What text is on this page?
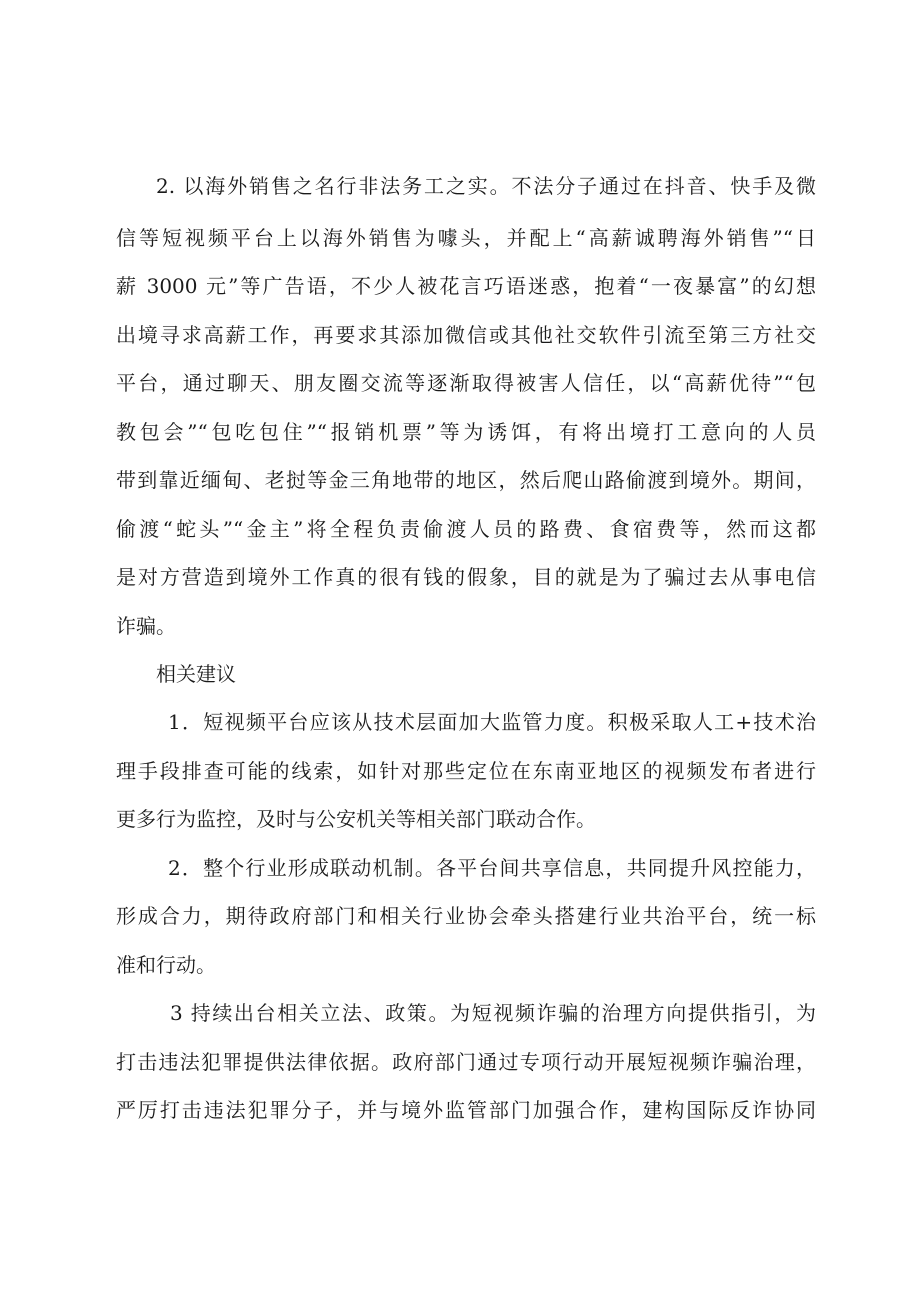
2. 以海外销售之名行非法务工之实。不法分子通过在抖音、快手及微
信等短视频平台上以海外销售为噱头，并配上“高薪诚聘海外销售”“日
薪 3000 元”等广告语，不少人被花言巧语迷惑，抱着“一夜暴富”的幻想
出境寻求高薪工作，再要求其添加微信或其他社交软件引流至第三方社交
平台，通过聊天、朋友圈交流等逐渐取得被害人信任，以“高薪优待”“包
教包会”“包吃包住”“报销机票”等为诱饵，有将出境打工意向的人员
带到靠近缅甸、老挝等金三角地带的地区，然后爬山路偷渡到境外。期间，
偷渡“蛇头”“金主”将全程负责偷渡人员的路费、食宿费等，然而这都
是对方营造到境外工作真的很有钱的假象，目的就是为了骗过去从事电信
诈骗。
相关建议
1．短视频平台应该从技术层面加大监管力度。积极采取人工+技术治
理手段排查可能的线索，如针对那些定位在东南亚地区的视频发布者进行
更多行为监控，及时与公安机关等相关部门联动合作。
2．整个行业形成联动机制。各平台间共享信息，共同提升风控能力，
形成合力，期待政府部门和相关行业协会牵头搭建行业共治平台，统一标
准和行动。
3 持续出台相关立法、政策。为短视频诈骗的治理方向提供指引，为
打击违法犯罪提供法律依据。政府部门通过专项行动开展短视频诈骗治理，
严厉打击违法犯罪分子，并与境外监管部门加强合作，建构国际反诈协同
